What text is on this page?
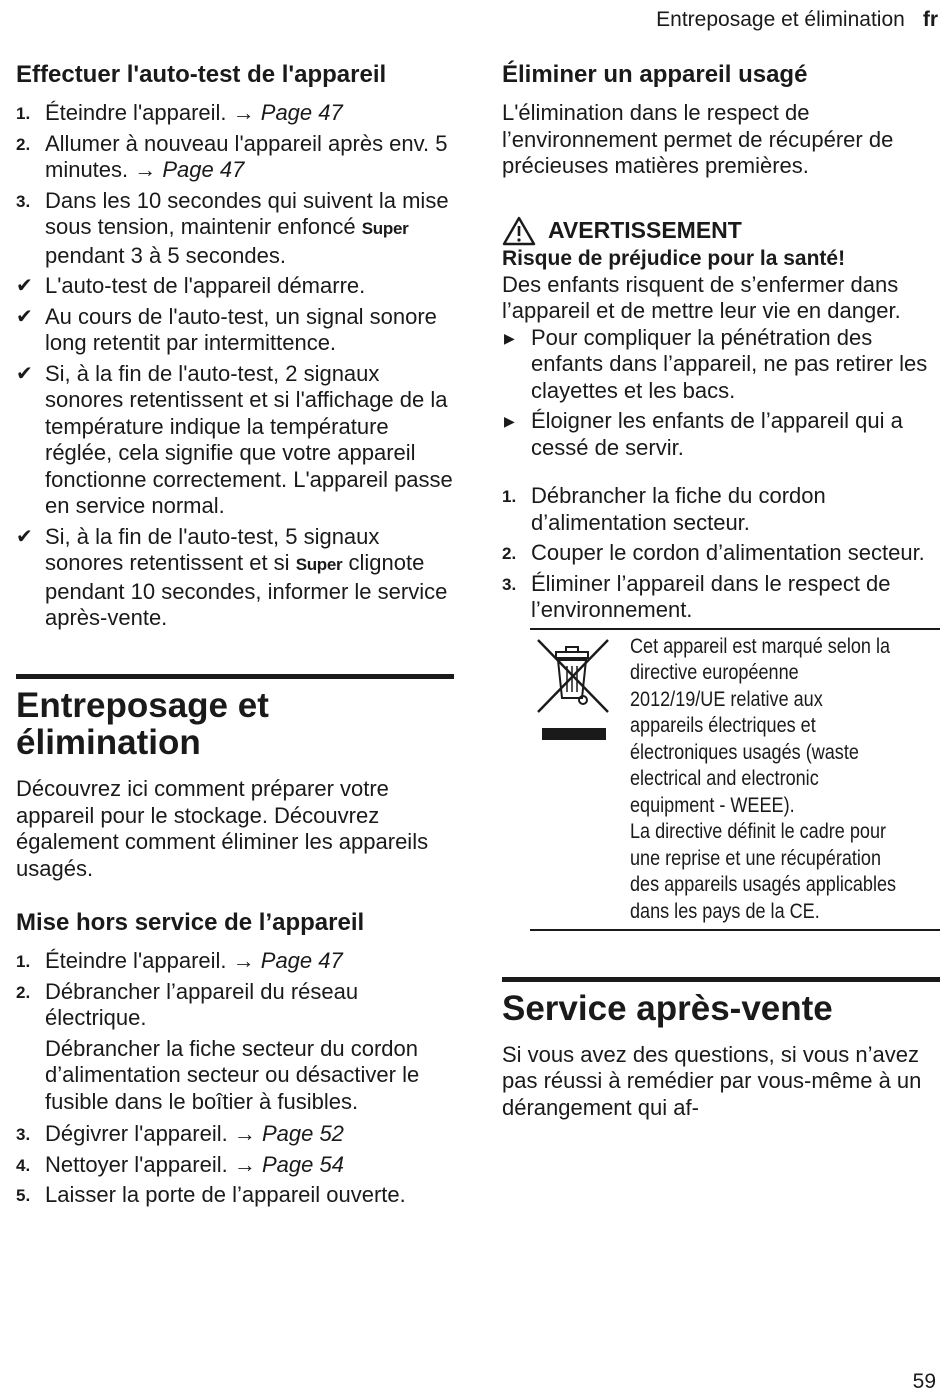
Entreposage et élimination fr
Effectuer l'auto-test de l'appareil
1. Éteindre l'appareil. → Page 47
2. Allumer à nouveau l'appareil après env. 5 minutes. → Page 47
3. Dans les 10 secondes qui suivent la mise sous tension, maintenir enfoncé Super pendant 3 à 5 secondes.
✔ L'auto-test de l'appareil démarre.
✔ Au cours de l'auto-test, un signal sonore long retentit par intermittence.
✔ Si, à la fin de l'auto-test, 2 signaux sonores retentissent et si l'affichage de la température indique la température réglée, cela signifie que votre appareil fonctionne correctement. L'appareil passe en service normal.
✔ Si, à la fin de l'auto-test, 5 signaux sonores retentissent et si Super clignote pendant 10 secondes, informer le service après-vente.
Entreposage et élimination

Découvrez ici comment préparer votre appareil pour le stockage. Découvrez également comment éliminer les appareils usagés.

Mise hors service de l’appareil
1. Éteindre l'appareil. → Page 47
2. Débrancher l’appareil du réseau électrique.

Débrancher la fiche secteur du cordon d’alimentation secteur ou désactiver le fusible dans le boîtier à fusibles.

3. Dégivrer l'appareil. → Page 52
4. Nettoyer l'appareil. → Page 54
5. Laisser la porte de l’appareil ouverte.
Éliminer un appareil usagé

L'élimination dans le respect de l’environnement permet de récupérer de précieuses matières premières.

AVERTISSEMENT
Risque de préjudice pour la santé!

Des enfants risquent de s’enfermer dans l’appareil et de mettre leur vie en danger.

▶ Pour compliquer la pénétration des enfants dans l’appareil, ne pas retirer les clayettes et les bacs.
▶ Éloigner les enfants de l’appareil qui a cessé de servir.
1. Débrancher la fiche du cordon d’alimentation secteur.
2. Couper le cordon d’alimentation secteur.
3. Éliminer l’appareil dans le respect de l’environnement.
Cet appareil est marqué selon la directive européenne 2012/19/UE relative aux appareils électriques et électroniques usagés (waste electrical and electronic equipment - WEEE).
La directive définit le cadre pour une reprise et une récupération des appareils usagés applicables dans les pays de la CE.
Service après-vente

Si vous avez des questions, si vous n’avez pas réussi à remédier par vous-même à un dérangement qui af-

59
